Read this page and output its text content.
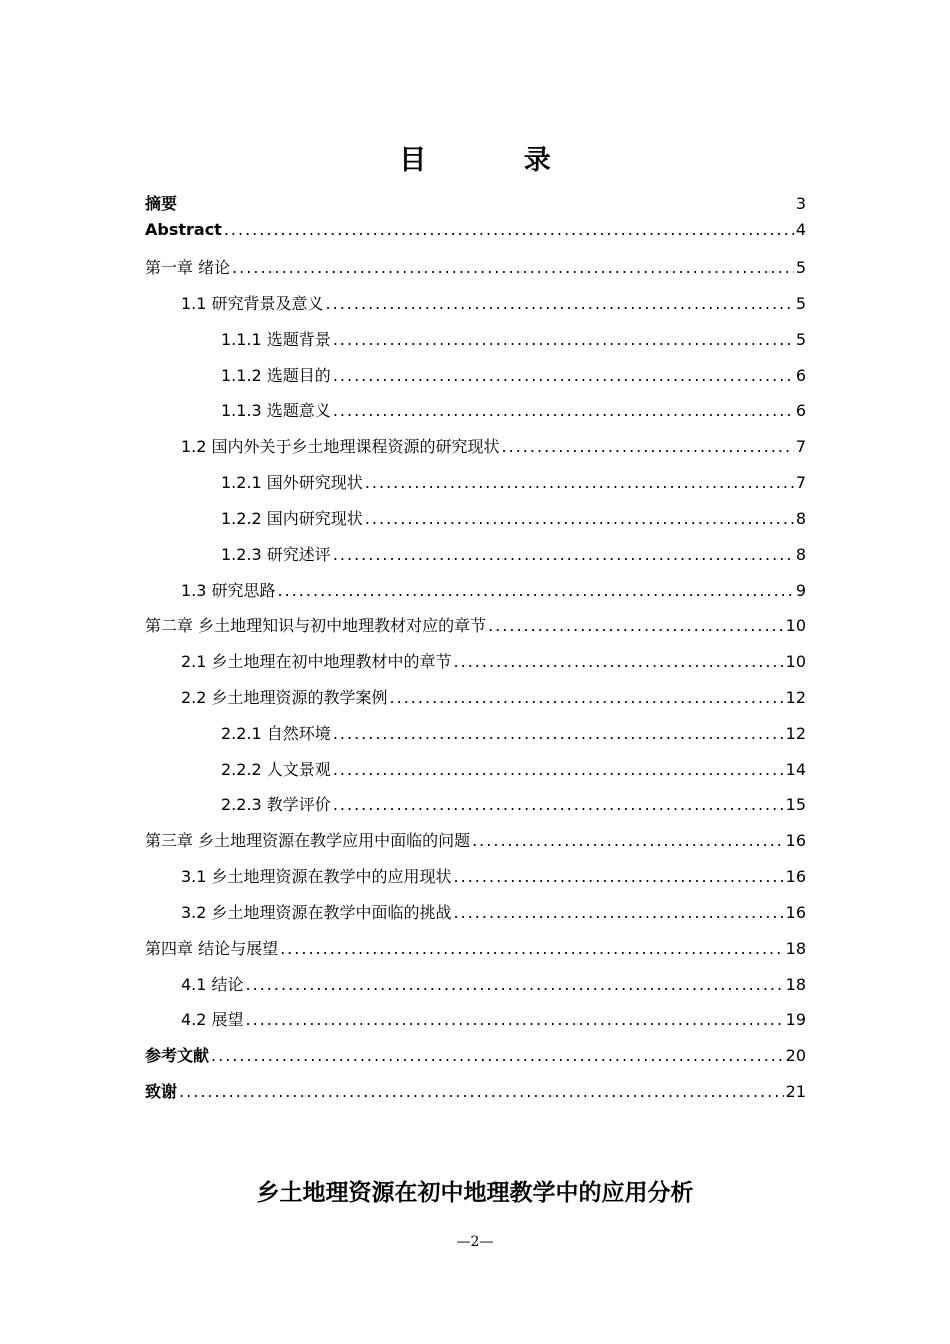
目 录
摘要	3
Abstract .....	4
第一章 绪论 .....	5
1.1 研究背景及意义 .....	5
1.1.1 选题背景 .....	5
1.1.2 选题目的 .....	6
1.1.3 选题意义 .....	6
1.2 国内外关于乡土地理课程资源的研究现状 .....	7
1.2.1 国外研究现状 .....	7
1.2.2 国内研究现状 .....	8
1.2.3 研究述评 .....	8
1.3 研究思路 .....	9
第二章 乡土地理知识与初中地理教材对应的章节 .....	10
2.1 乡土地理在初中地理教材中的章节 .....	10
2.2 乡土地理资源的教学案例 .....	12
2.2.1 自然环境 .....	12
2.2.2 人文景观 .....	14
2.2.3 教学评价 .....	15
第三章 乡土地理资源在教学应用中面临的问题 .....	16
3.1 乡土地理资源在教学中的应用现状 .....	16
3.2 乡土地理资源在教学中面临的挑战 .....	16
第四章 结论与展望 .....	18
4.1 结论 .....	18
4.2 展望 .....	19
参考文献 .....	20
致谢 .....	21
乡土地理资源在初中地理教学中的应用分析
—2—
